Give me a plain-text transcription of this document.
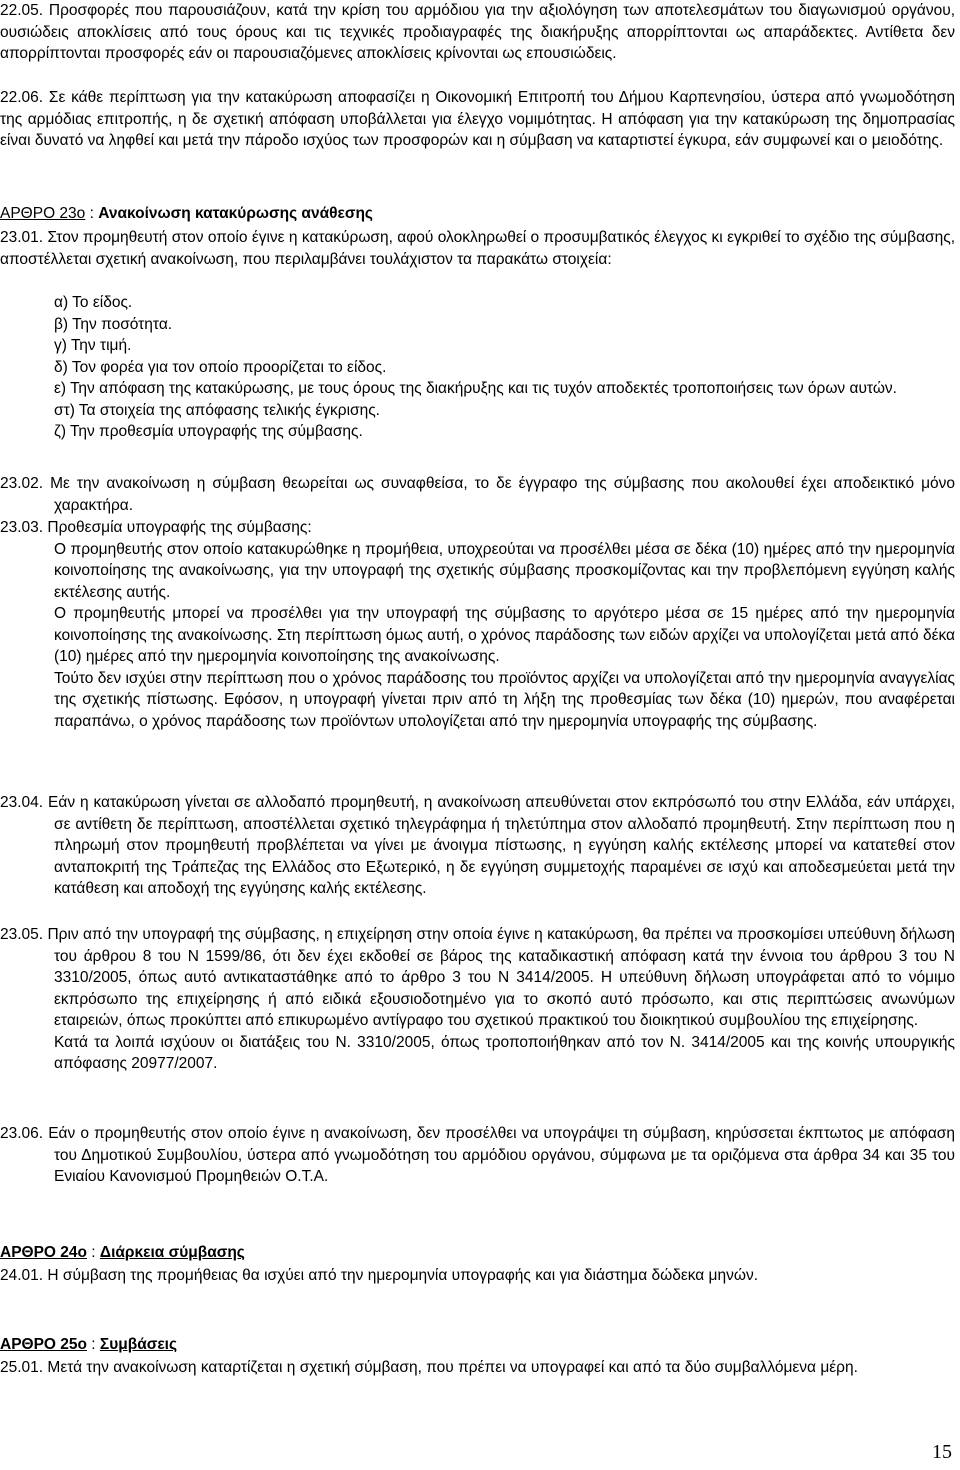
22.05. Προσφορές που παρουσιάζουν, κατά την κρίση του αρμόδιου για την αξιολόγηση των αποτελεσμάτων του διαγωνισμού οργάνου, ουσιώδεις αποκλίσεις από τους όρους και τις τεχνικές προδιαγραφές της διακήρυξης απορρίπτονται ως απαράδεκτες. Αντίθετα δεν απορρίπτονται προσφορές εάν οι παρουσιαζόμενες αποκλίσεις κρίνονται ως επουσιώδεις.
22.06. Σε κάθε περίπτωση για την κατακύρωση αποφασίζει η Οικονομική Επιτροπή του Δήμου Καρπενησίου, ύστερα από γνωμοδότηση της αρμόδιας επιτροπής, η δε σχετική απόφαση υποβάλλεται για έλεγχο νομιμότητας. Η απόφαση για την κατακύρωση της δημοπρασίας είναι δυνατό να ληφθεί και μετά την πάροδο ισχύος των προσφορών και η σύμβαση να καταρτιστεί έγκυρα, εάν συμφωνεί και ο μειοδότης.
ΑΡΘΡΟ 23ο : Ανακοίνωση κατακύρωσης ανάθεσης
23.01. Στον προμηθευτή στον οποίο έγινε η κατακύρωση, αφού ολοκληρωθεί ο προσυμβατικός έλεγχος κι εγκριθεί το σχέδιο της σύμβασης, αποστέλλεται σχετική ανακοίνωση, που περιλαμβάνει τουλάχιστον τα παρακάτω στοιχεία:
α) Το είδος.
β) Την ποσότητα.
γ) Την τιμή.
δ) Τον φορέα για τον οποίο προορίζεται το είδος.
ε) Την απόφαση της κατακύρωσης, με τους όρους της διακήρυξης και τις τυχόν αποδεκτές τροποποιήσεις των όρων αυτών.
στ) Τα στοιχεία της απόφασης τελικής έγκρισης.
ζ) Την προθεσμία υπογραφής της σύμβασης.
23.02. Με την ανακοίνωση η σύμβαση θεωρείται ως συναφθείσα, το δε έγγραφο της σύμβασης που ακολουθεί έχει αποδεικτικό μόνο χαρακτήρα.
23.03. Προθεσμία υπογραφής της σύμβασης:
Ο προμηθευτής στον οποίο κατακυρώθηκε η προμήθεια, υποχρεούται να προσέλθει μέσα σε δέκα (10) ημέρες από την ημερομηνία κοινοποίησης της ανακοίνωσης, για την υπογραφή της σχετικής σύμβασης προσκομίζοντας και την προβλεπόμενη εγγύηση καλής εκτέλεσης αυτής.
Ο προμηθευτής μπορεί να προσέλθει για την υπογραφή της σύμβασης το αργότερο μέσα σε 15 ημέρες από την ημερομηνία κοινοποίησης της ανακοίνωσης. Στη περίπτωση όμως αυτή, ο χρόνος παράδοσης των ειδών αρχίζει να υπολογίζεται μετά από δέκα (10) ημέρες από την ημερομηνία κοινοποίησης της ανακοίνωσης.
Τούτο δεν ισχύει στην περίπτωση που ο χρόνος παράδοσης του προϊόντος αρχίζει να υπολογίζεται από την ημερομηνία αναγγελίας της σχετικής πίστωσης. Εφόσον, η υπογραφή γίνεται πριν από τη λήξη της προθεσμίας των δέκα (10) ημερών, που αναφέρεται παραπάνω, ο χρόνος παράδοσης των προϊόντων υπολογίζεται από την ημερομηνία υπογραφής της σύμβασης.
23.04. Εάν η κατακύρωση γίνεται σε αλλοδαπό προμηθευτή, η ανακοίνωση απευθύνεται στον εκπρόσωπό του στην Ελλάδα, εάν υπάρχει, σε αντίθετη δε περίπτωση, αποστέλλεται σχετικό τηλεγράφημα ή τηλετύπημα στον αλλοδαπό προμηθευτή. Στην περίπτωση που η πληρωμή στον προμηθευτή προβλέπεται να γίνει με άνοιγμα πίστωσης, η εγγύηση καλής εκτέλεσης μπορεί να κατατεθεί στον ανταποκριτή της Τράπεζας της Ελλάδος στο Εξωτερικό, η δε εγγύηση συμμετοχής παραμένει σε ισχύ και αποδεσμεύεται μετά την κατάθεση και αποδοχή της εγγύησης καλής εκτέλεσης.
23.05. Πριν από την υπογραφή της σύμβασης, η επιχείρηση στην οποία έγινε η κατακύρωση, θα πρέπει να προσκομίσει υπεύθυνη δήλωση του άρθρου 8 του Ν 1599/86, ότι δεν έχει εκδοθεί σε βάρος της καταδικαστική απόφαση κατά την έννοια του άρθρου 3 του Ν 3310/2005, όπως αυτό αντικαταστάθηκε από το άρθρο 3 του Ν 3414/2005. Η υπεύθυνη δήλωση υπογράφεται από το νόμιμο εκπρόσωπο της επιχείρησης ή από ειδικά εξουσιοδοτημένο για το σκοπό αυτό πρόσωπο, και στις περιπτώσεις ανωνύμων εταιρειών, όπως προκύπτει από επικυρωμένο αντίγραφο του σχετικού πρακτικού του διοικητικού συμβουλίου της επιχείρησης.
Κατά τα λοιπά ισχύουν οι διατάξεις του Ν. 3310/2005, όπως τροποποιήθηκαν από τον Ν. 3414/2005 και της κοινής υπουργικής απόφασης 20977/2007.
23.06. Εάν ο προμηθευτής στον οποίο έγινε η ανακοίνωση, δεν προσέλθει να υπογράψει τη σύμβαση, κηρύσσεται έκπτωτος με απόφαση του Δημοτικού Συμβουλίου, ύστερα από γνωμοδότηση του αρμόδιου οργάνου, σύμφωνα με τα οριζόμενα στα άρθρα 34 και 35 του Ενιαίου Κανονισμού Προμηθειών Ο.Τ.Α.
ΑΡΘΡΟ 24ο : Διάρκεια σύμβασης
24.01. Η σύμβαση της προμήθειας θα ισχύει από την ημερομηνία υπογραφής και για διάστημα δώδεκα μηνών.
ΑΡΘΡΟ 25ο : Συμβάσεις
25.01. Μετά την ανακοίνωση καταρτίζεται η σχετική σύμβαση, που πρέπει να υπογραφεί και από τα δύο συμβαλλόμενα μέρη.
15
